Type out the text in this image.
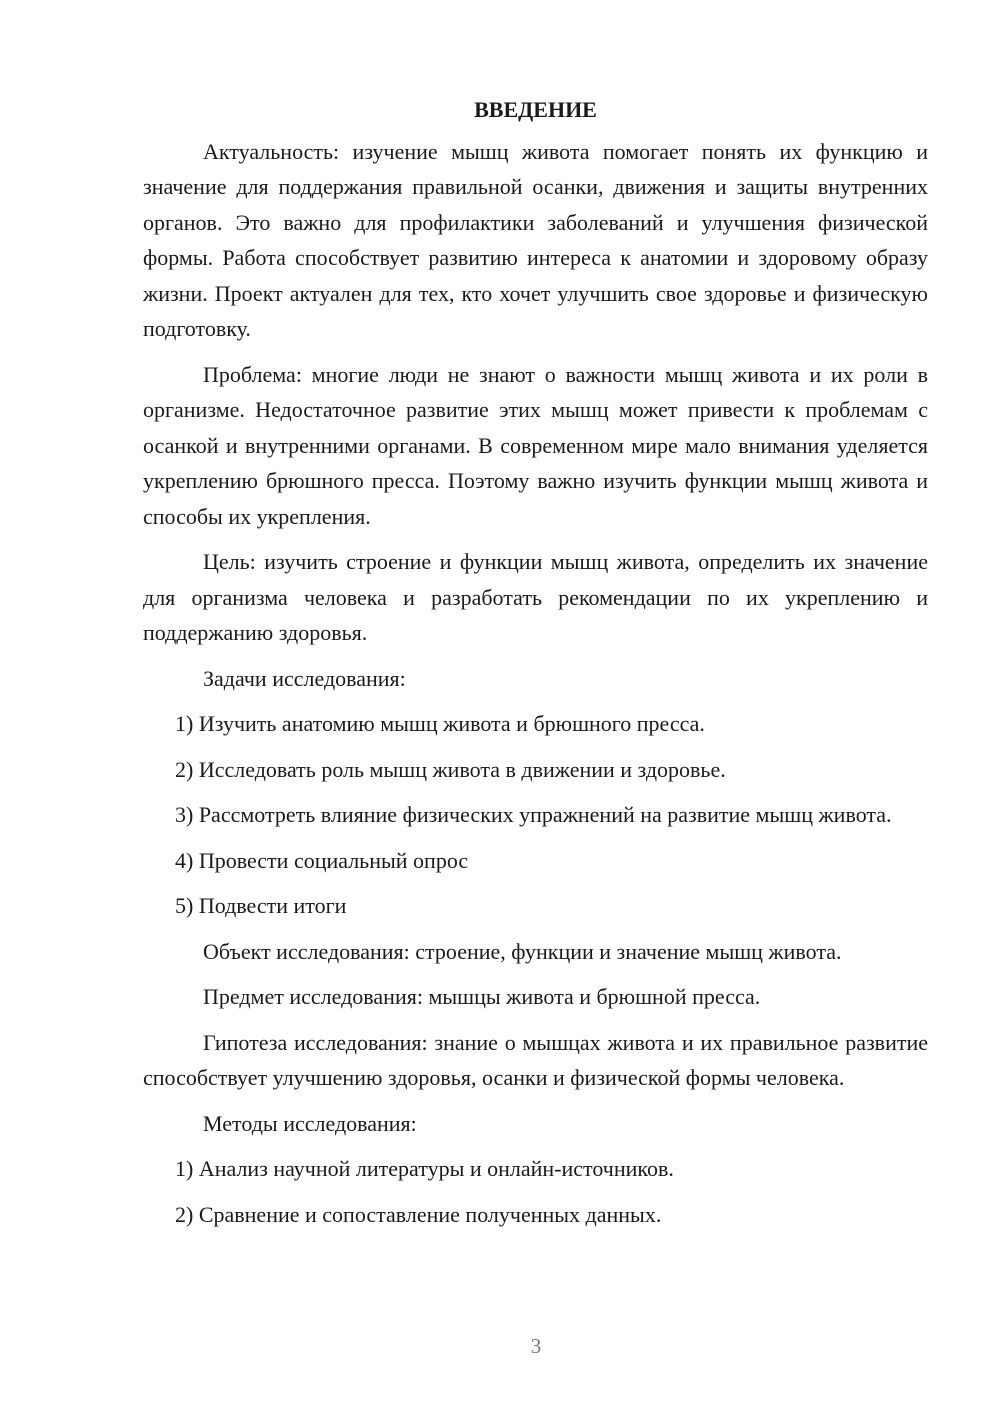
ВВЕДЕНИЕ

Актуальность: изучение мышц живота помогает понять их функцию и значение для поддержания правильной осанки, движения и защиты внутренних органов. Это важно для профилактики заболеваний и улучшения физической формы. Работа способствует развитию интереса к анатомии и здоровому образу жизни. Проект актуален для тех, кто хочет улучшить свое здоровье и физическую подготовку.

Проблема: многие люди не знают о важности мышц живота и их роли в организме. Недостаточное развитие этих мышц может привести к проблемам с осанкой и внутренними органами. В современном мире мало внимания уделяется укреплению брюшного пресса. Поэтому важно изучить функции мышц живота и способы их укрепления.

Цель: изучить строение и функции мышц живота, определить их значение для организма человека и разработать рекомендации по их укреплению и поддержанию здоровья.

Задачи исследования:

1) Изучить анатомию мышц живота и брюшного пресса.

2) Исследовать роль мышц живота в движении и здоровье.

3) Рассмотреть влияние физических упражнений на развитие мышц живота.

4) Провести социальный опрос

5) Подвести итоги

Объект исследования: строение, функции и значение мышц живота.

Предмет исследования: мышцы живота и брюшной пресса.

Гипотеза исследования: знание о мышцах живота и их правильное развитие способствует улучшению здоровья, осанки и физической формы человека.

Методы исследования:

1) Анализ научной литературы и онлайн-источников.

2) Сравнение и сопоставление полученных данных.

3
